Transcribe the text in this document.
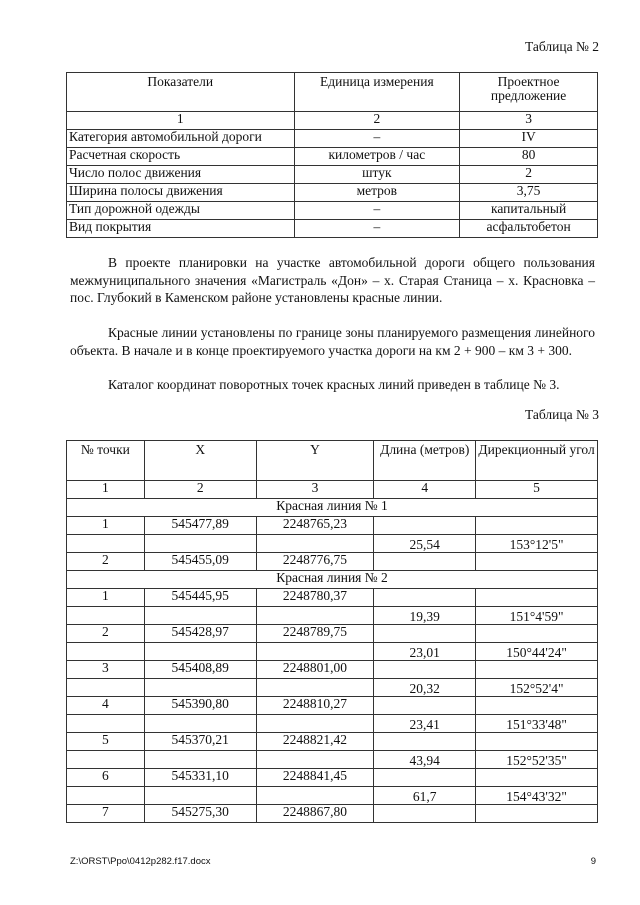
Таблица № 2
Показатели	Единица измерения	Проектное предложение
1	2	3
Категория автомобильной дороги	–	IV
Расчетная скорость	километров / час	80
Число полос движения	штук	2
Ширина полосы движения	метров	3,75
Тип дорожной одежды	–	капитальный
Вид покрытия	–	асфальтобетон
В проекте планировки на участке автомобильной дороги общего пользования межмуниципального значения «Магистраль «Дон» – х. Старая Станица – х. Красновка – пос. Глубокий в Каменском районе установлены красные линии.
Красные линии установлены по границе зоны планируемого размещения линейного объекта. В начале и в конце проектируемого участка дороги на км 2 + 900 – км 3 + 300.
Каталог координат поворотных точек красных линий приведен в таблице № 3.
Таблица № 3
№ точки	X	Y	Длина (метров)	Дирекционный угол
1	2	3	4	5
Красная линия № 1				
1	545477,89	2248765,23		
			25,54	153°12'5"
2	545455,09	2248776,75		
Красная линия № 2				
1	545445,95	2248780,37		
			19,39	151°4'59"
2	545428,97	2248789,75		
			23,01	150°44'24"
3	545408,89	2248801,00		
			20,32	152°52'4"
4	545390,80	2248810,27		
			23,41	151°33'48"
5	545370,21	2248821,42		
			43,94	152°52'35"
6	545331,10	2248841,45		
			61,7	154°43'32"
7	545275,30	2248867,80		
Z:\ORST\Ppo\0412p282.f17.docx	9
